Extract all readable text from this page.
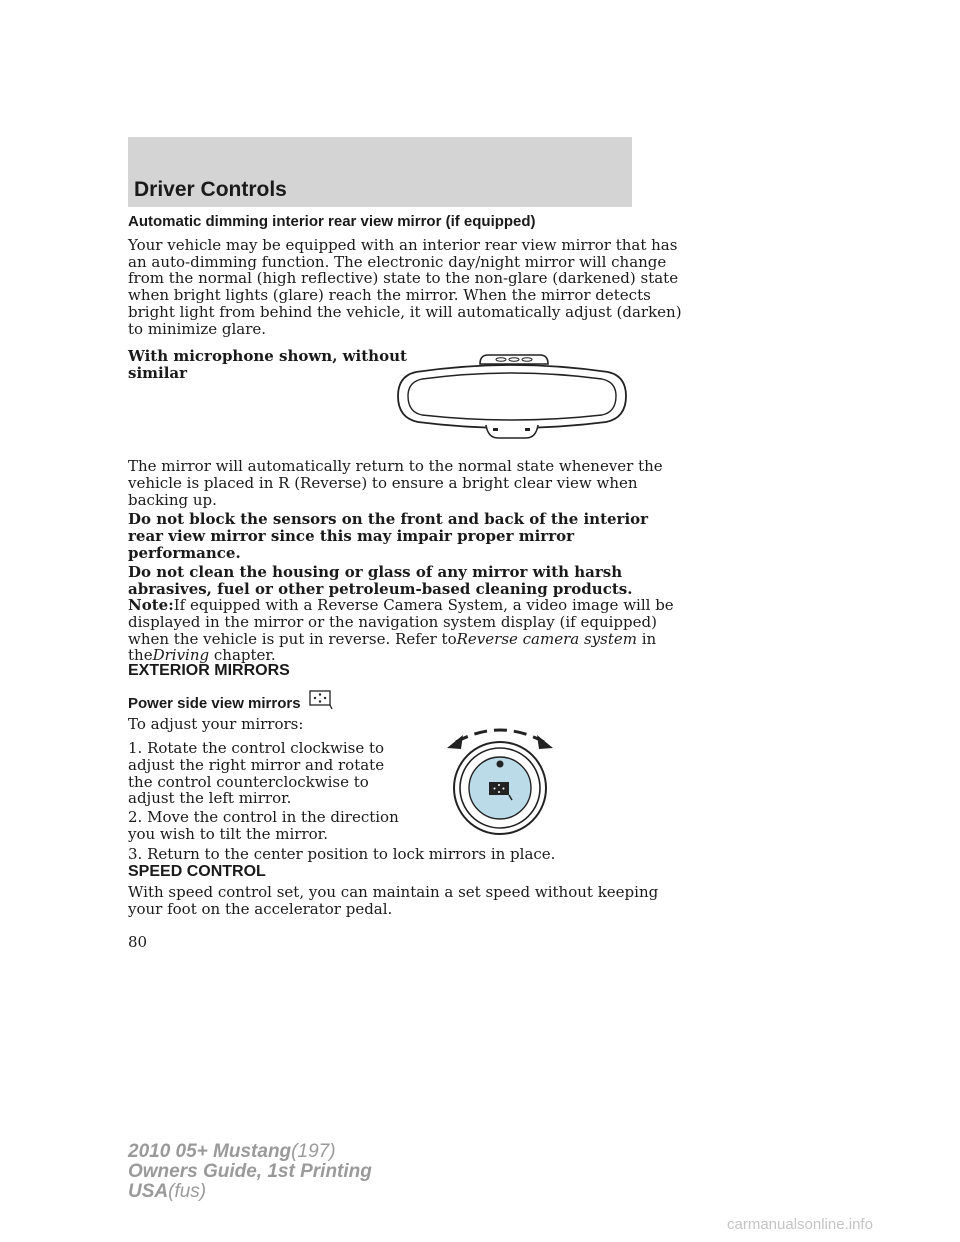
Driver Controls
Automatic dimming interior rear view mirror (if equipped)
Your vehicle may be equipped with an interior rear view mirror that has
an auto-dimming function. The electronic day/night mirror will change
from the normal (high reflective) state to the non-glare (darkened) state
when bright lights (glare) reach the mirror. When the mirror detects
bright light from behind the vehicle, it will automatically adjust (darken)
to minimize glare.
With microphone shown, without
similar
The mirror will automatically return to the normal state whenever the
vehicle is placed in R (Reverse) to ensure a bright clear view when
backing up.
Do not block the sensors on the front and back of the interior
rear view mirror since this may impair proper mirror
performance.
Do not clean the housing or glass of any mirror with harsh
abrasives, fuel or other petroleum-based cleaning products.
Note:If equipped with a Reverse Camera System, a video image will be
displayed in the mirror or the navigation system display (if equipped)
when the vehicle is put in reverse. Refer toReverse camera system in
theDriving chapter.
EXTERIOR MIRRORS
Power side view mirrors
To adjust your mirrors:
1. Rotate the control clockwise to
adjust the right mirror and rotate
the control counterclockwise to
adjust the left mirror.
2. Move the control in the direction
you wish to tilt the mirror.
3. Return to the center position to lock mirrors in place.
SPEED CONTROL
With speed control set, you can maintain a set speed without keeping
your foot on the accelerator pedal.
80
2010 05+ Mustang(197)
Owners Guide, 1st Printing
USA(fus)
carmanualsonline.info
